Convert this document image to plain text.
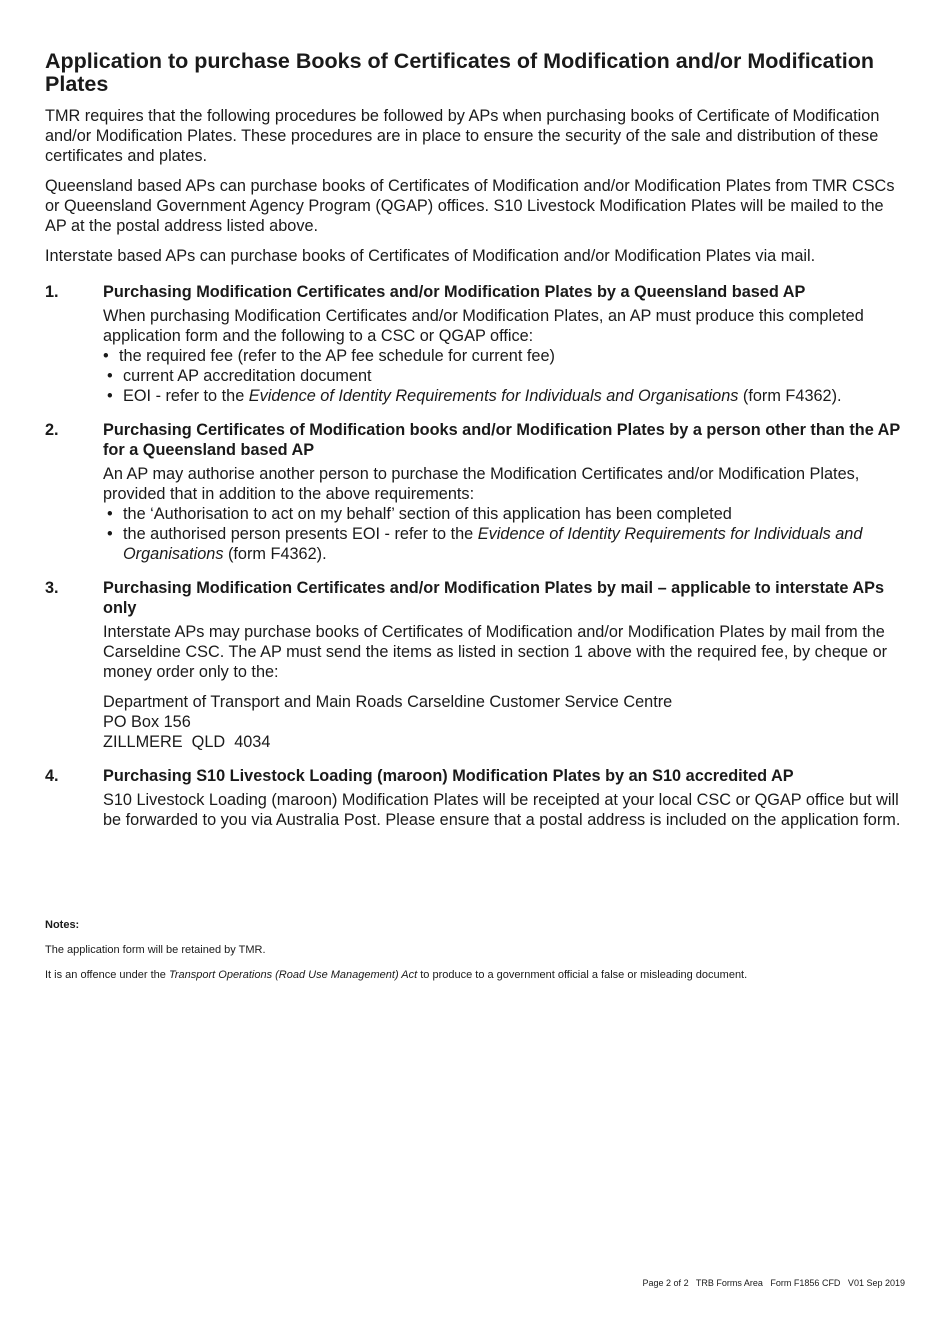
Application to purchase Books of Certificates of Modification and/or Modification Plates
TMR requires that the following procedures be followed by APs when purchasing books of Certificate of Modification and/or Modification Plates. These procedures are in place to ensure the security of the sale and distribution of these certificates and plates.
Queensland based APs can purchase books of Certificates of Modification and/or Modification Plates from TMR CSCs or Queensland Government Agency Program (QGAP) offices. S10 Livestock Modification Plates will be mailed to the AP at the postal address listed above.
Interstate based APs can purchase books of Certificates of Modification and/or Modification Plates via mail.
1.	Purchasing Modification Certificates and/or Modification Plates by a Queensland based AP
When purchasing Modification Certificates and/or Modification Plates, an AP must produce this completed application form and the following to a CSC or QGAP office:
• the required fee (refer to the AP fee schedule for current fee)
• current AP accreditation document
• EOI - refer to the Evidence of Identity Requirements for Individuals and Organisations (form F4362).
2.	Purchasing Certificates of Modification books and/or Modification Plates by a person other than the AP for a Queensland based AP
An AP may authorise another person to purchase the Modification Certificates and/or Modification Plates, provided that in addition to the above requirements:
• the ‘Authorisation to act on my behalf’ section of this application has been completed
• the authorised person presents EOI - refer to the Evidence of Identity Requirements for Individuals and Organisations (form F4362).
3.	Purchasing Modification Certificates and/or Modification Plates by mail – applicable to interstate APs only
Interstate APs may purchase books of Certificates of Modification and/or Modification Plates by mail from the Carseldine CSC. The AP must send the items as listed in section 1 above with the required fee, by cheque or money order only to the:
Department of Transport and Main Roads Carseldine Customer Service Centre
PO Box 156
ZILLMERE  QLD  4034
4.	Purchasing S10 Livestock Loading (maroon) Modification Plates by an S10 accredited AP
S10 Livestock Loading (maroon) Modification Plates will be receipted at your local CSC or QGAP office but will be forwarded to you via Australia Post. Please ensure that a postal address is included on the application form.
Notes:
The application form will be retained by TMR.
It is an offence under the Transport Operations (Road Use Management) Act to produce to a government official a false or misleading document.
Page 2 of 2   TRB Forms Area   Form F1856 CFD   V01 Sep 2019
